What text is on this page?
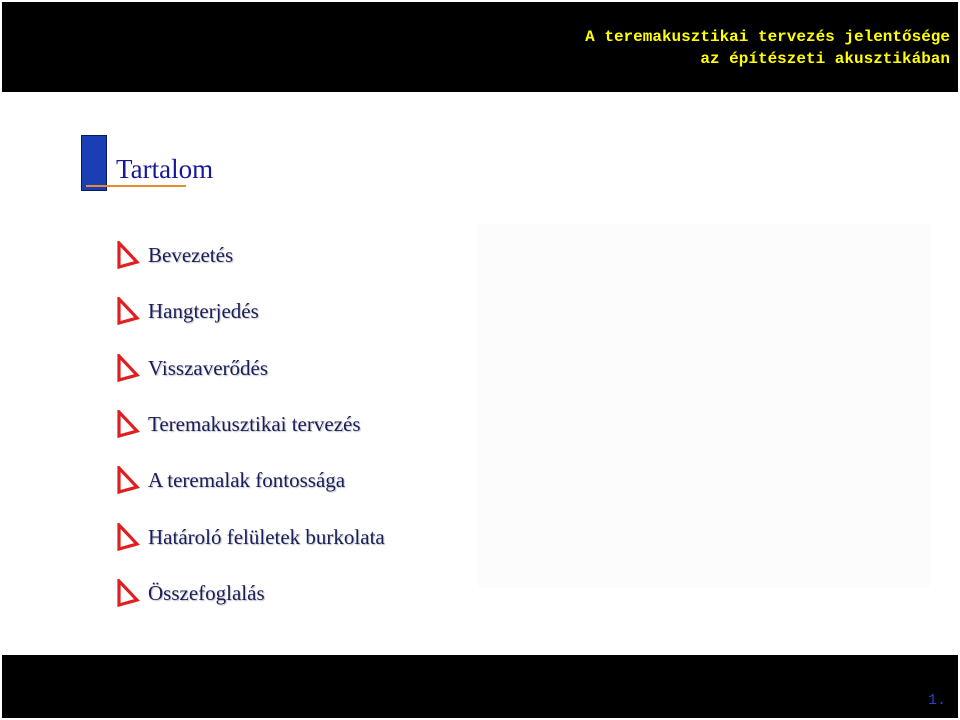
A teremakusztikai tervezés jelentősége
az építészeti akusztikában
Tartalom
Bevezetés
Hangterjedés
Visszaverődés
Teremakusztikai tervezés
A teremalak fontossága
Határoló felületek burkolata
Összefoglalás
1.
